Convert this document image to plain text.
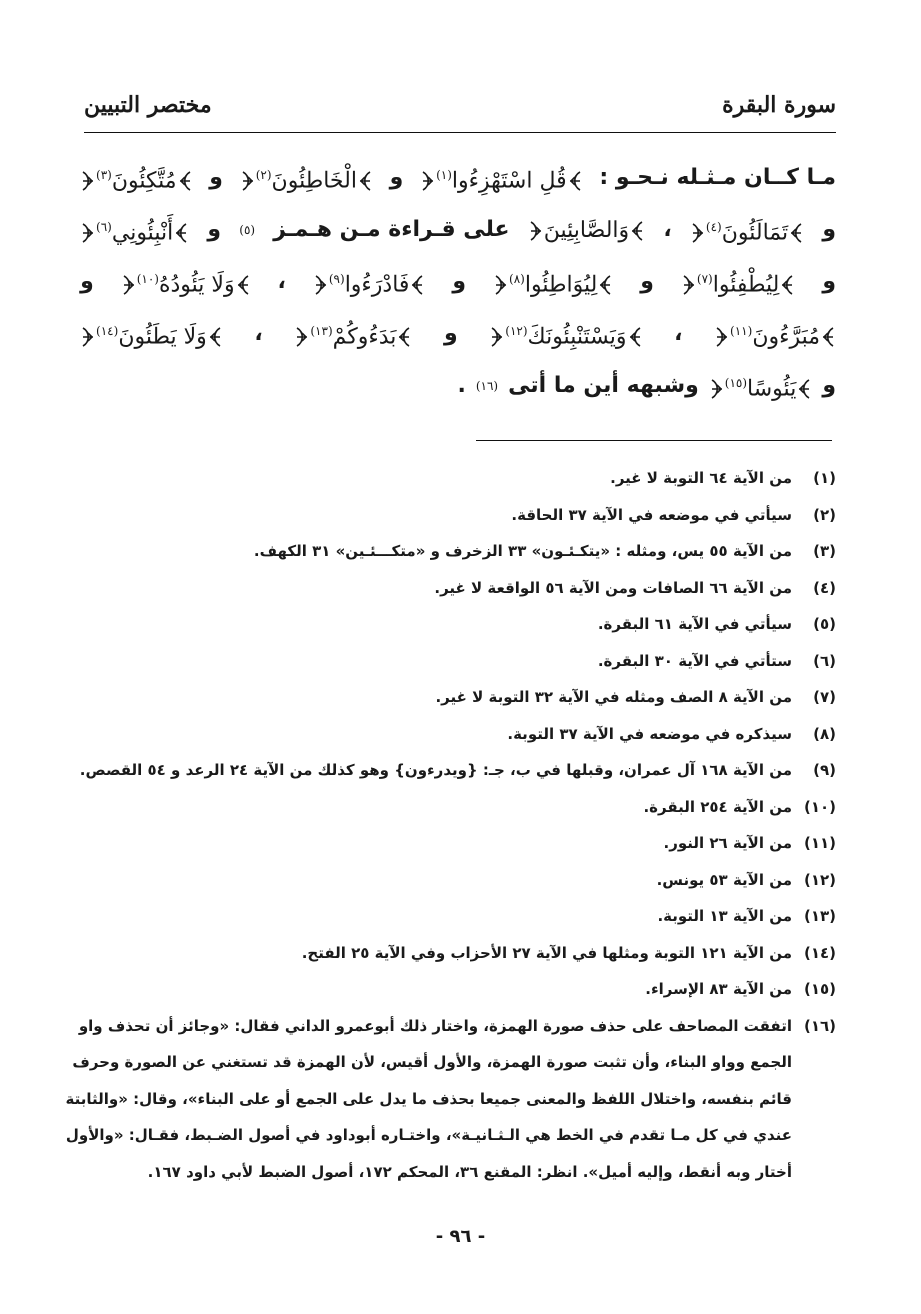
مختصر التبيين	سورة البقرة
مـا كــان مـثـله نـحـو :
قُلِ اسْتَهْزِءُوا$^{(١)}$
و
الْخَاطِئُونَ$^{(٢)}$
و
مُتَّكِئُونَ$^{(٣)}$
و
تَمَالَئُونَ$^{(٤)}$
،
وَالصَّابِئِينَ
على قـراءة مـن هـمـز
(٥)
و
أَنْبِئُونِي$^{(٦)}$
و
لِيُطْفِئُوا$^{(٧)}$
و
لِيُوَاطِئُوا$^{(٨)}$
و
فَادْرَءُوا$^{(٩)}$
،
وَلَا يَئُودُهُ$^{(١٠)}$
و
مُبَرَّءُونَ$^{(١١)}$
،
وَيَسْتَنْبِئُونَكَ$^{(١٢)}$
و
بَدَءُوكُمْ$^{(١٣)}$
،
وَلَا يَطَئُونَ$^{(١٤)}$
و
يَئُوسًا$^{(١٥)}$
وشبهه أين ما أتى
(١٦)
.
(١)
من الآية ٦٤ التوبة لا غير.
(٢)
سيأتي في موضعه في الآية ٣٧ الحاقة.
(٣)
من الآية ٥٥ يس، ومثله : «يتكـئـون» ٣٣ الزخرف و «متكـــئـين» ٣١ الكهف.
(٤)
من الآية ٦٦ الصافات ومن الآية ٥٦ الواقعة لا غير.
(٥)
سيأتي في الآية ٦١ البقرة.
(٦)
ستأتي في الآية ٣٠ البقرة.
(٧)
من الآية ٨ الصف ومثله في الآية ٣٢ التوبة لا غير.
(٨)
سيذكره في موضعه في الآية ٣٧ التوبة.
(٩)
من الآية ١٦٨ آل عمران، وقبلها في ب، جـ: {ويدرءون} وهو كذلك من الآية ٢٤ الرعد و ٥٤ القصص.
(١٠)
من الآية ٢٥٤ البقرة.
(١١)
من الآية ٢٦ النور.
(١٢)
من الآية ٥٣ يونس.
(١٣)
من الآية ١٣ التوبة.
(١٤)
من الآية ١٢١ التوبة ومثلها في الآية ٢٧ الأحزاب وفي الآية ٢٥ الفتح.
(١٥)
من الآية ٨٣ الإسراء.
(١٦)
اتفقت المصاحف على حذف صورة الهمزة، واختار ذلك أبوعمرو الداني فقال: «وجائز أن تحذف واو
الجمع وواو البناء، وأن تثبت صورة الهمزة، والأول أقيس، لأن الهمزة قد تستغني عن الصورة وحرف
قائم بنفسه، واختلال اللفظ والمعنى جميعا بحذف ما يدل على الجمع أو على البناء»، وقال: «والثابتة
عندي في كل مـا تقدم في الخط هي الـثـانيـة»، واختـاره أبوداود في أصول الضـبط، فقـال: «والأول
أختار وبه أنقط، وإليه أميل». انظر: المقنع ٣٦، المحكم ١٧٢، أصول الضبط لأبي داود ١٦٧.
- ٩٦ -
